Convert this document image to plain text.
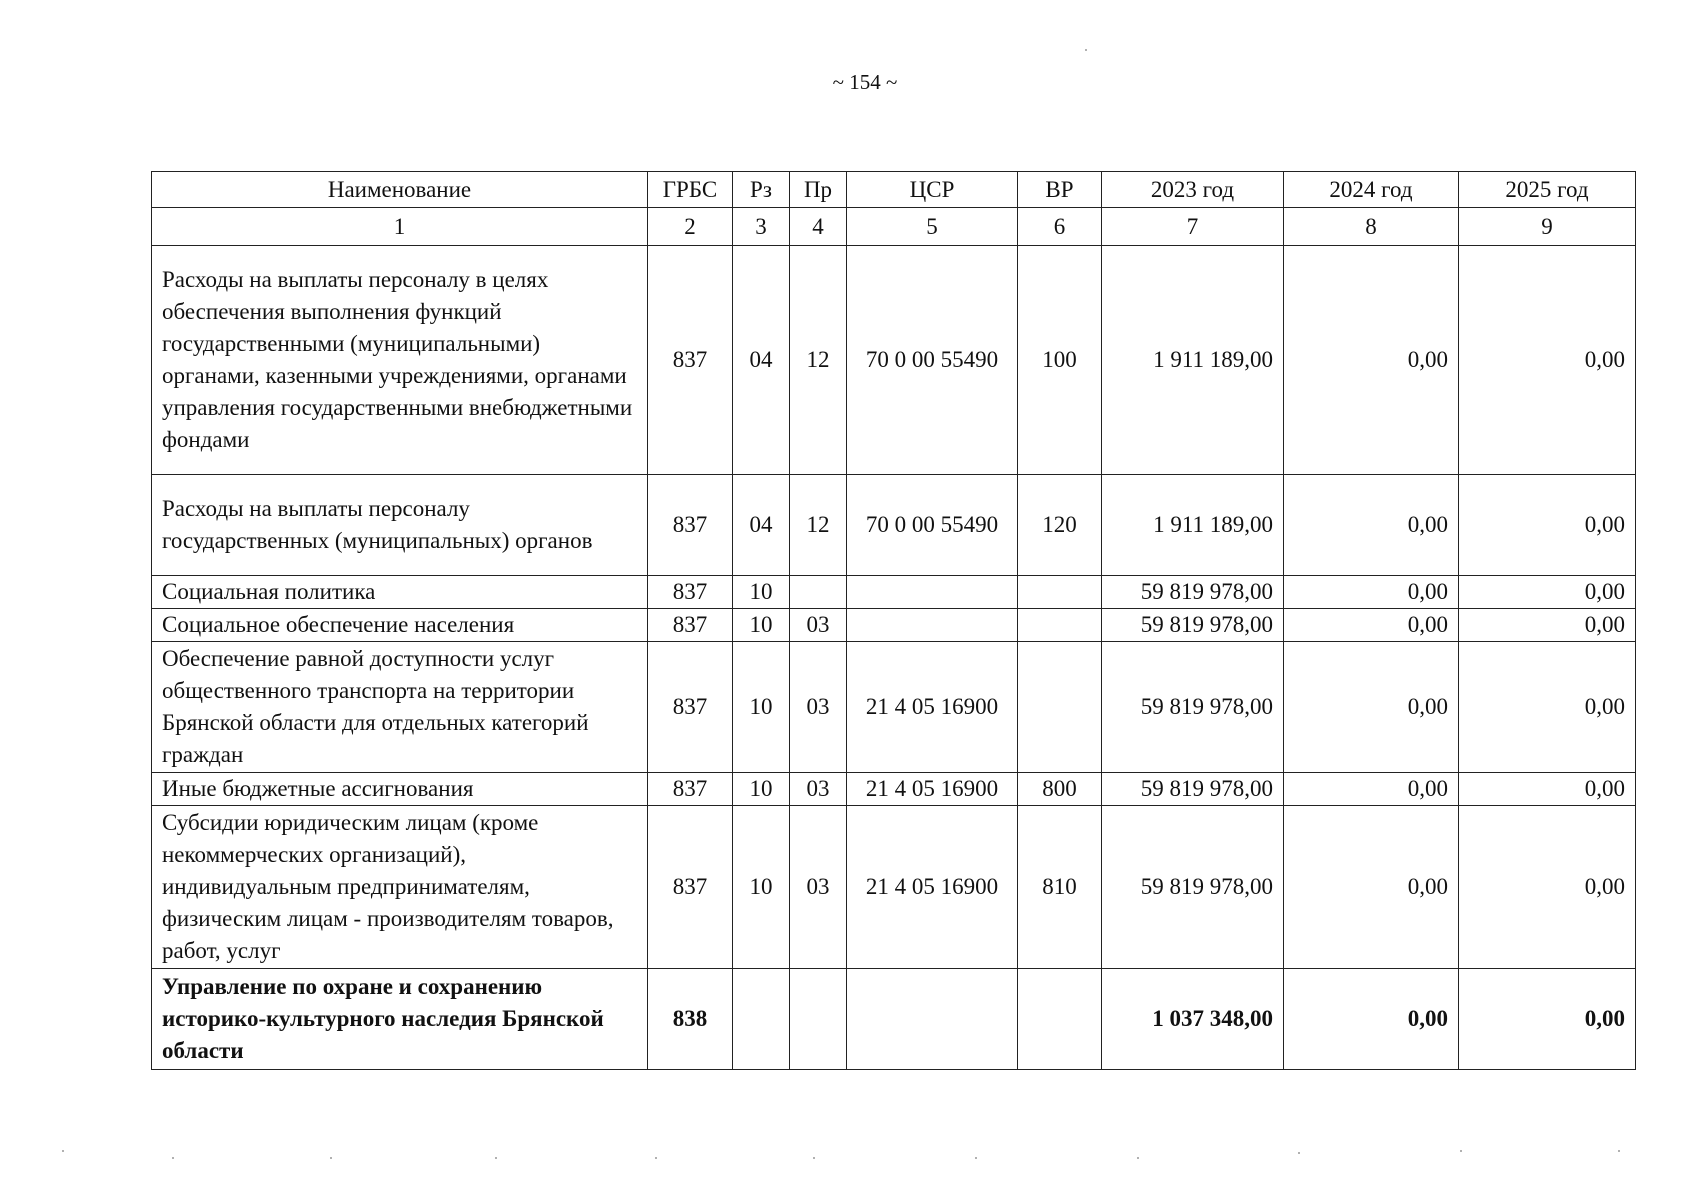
~ 154 ~
Наименование	ГРБС	Рз	Пр	ЦСР	ВР	2023 год	2024 год	2025 год
1	2	3	4	5	6	7	8	9
Расходы на выплаты персоналу в целях обеспечения выполнения функций государственными (муниципальными) органами, казенными учреждениями, органами управления государственными внебюджетными фондами	837	04	12	70 0 00 55490	100	1 911 189,00	0,00	0,00
Расходы на выплаты персоналу государственных (муниципальных) органов	837	04	12	70 0 00 55490	120	1 911 189,00	0,00	0,00
Социальная политика	837	10				59 819 978,00	0,00	0,00
Социальное обеспечение населения	837	10	03			59 819 978,00	0,00	0,00
Обеспечение равной доступности услуг общественного транспорта на территории Брянской области для отдельных категорий граждан	837	10	03	21 4 05 16900		59 819 978,00	0,00	0,00
Иные бюджетные ассигнования	837	10	03	21 4 05 16900	800	59 819 978,00	0,00	0,00
Субсидии юридическим лицам (кроме некоммерческих организаций), индивидуальным предпринимателям, физическим лицам - производителям товаров, работ, услуг	837	10	03	21 4 05 16900	810	59 819 978,00	0,00	0,00
Управление по охране и сохранению историко-культурного наследия Брянской области	838					1 037 348,00	0,00	0,00
